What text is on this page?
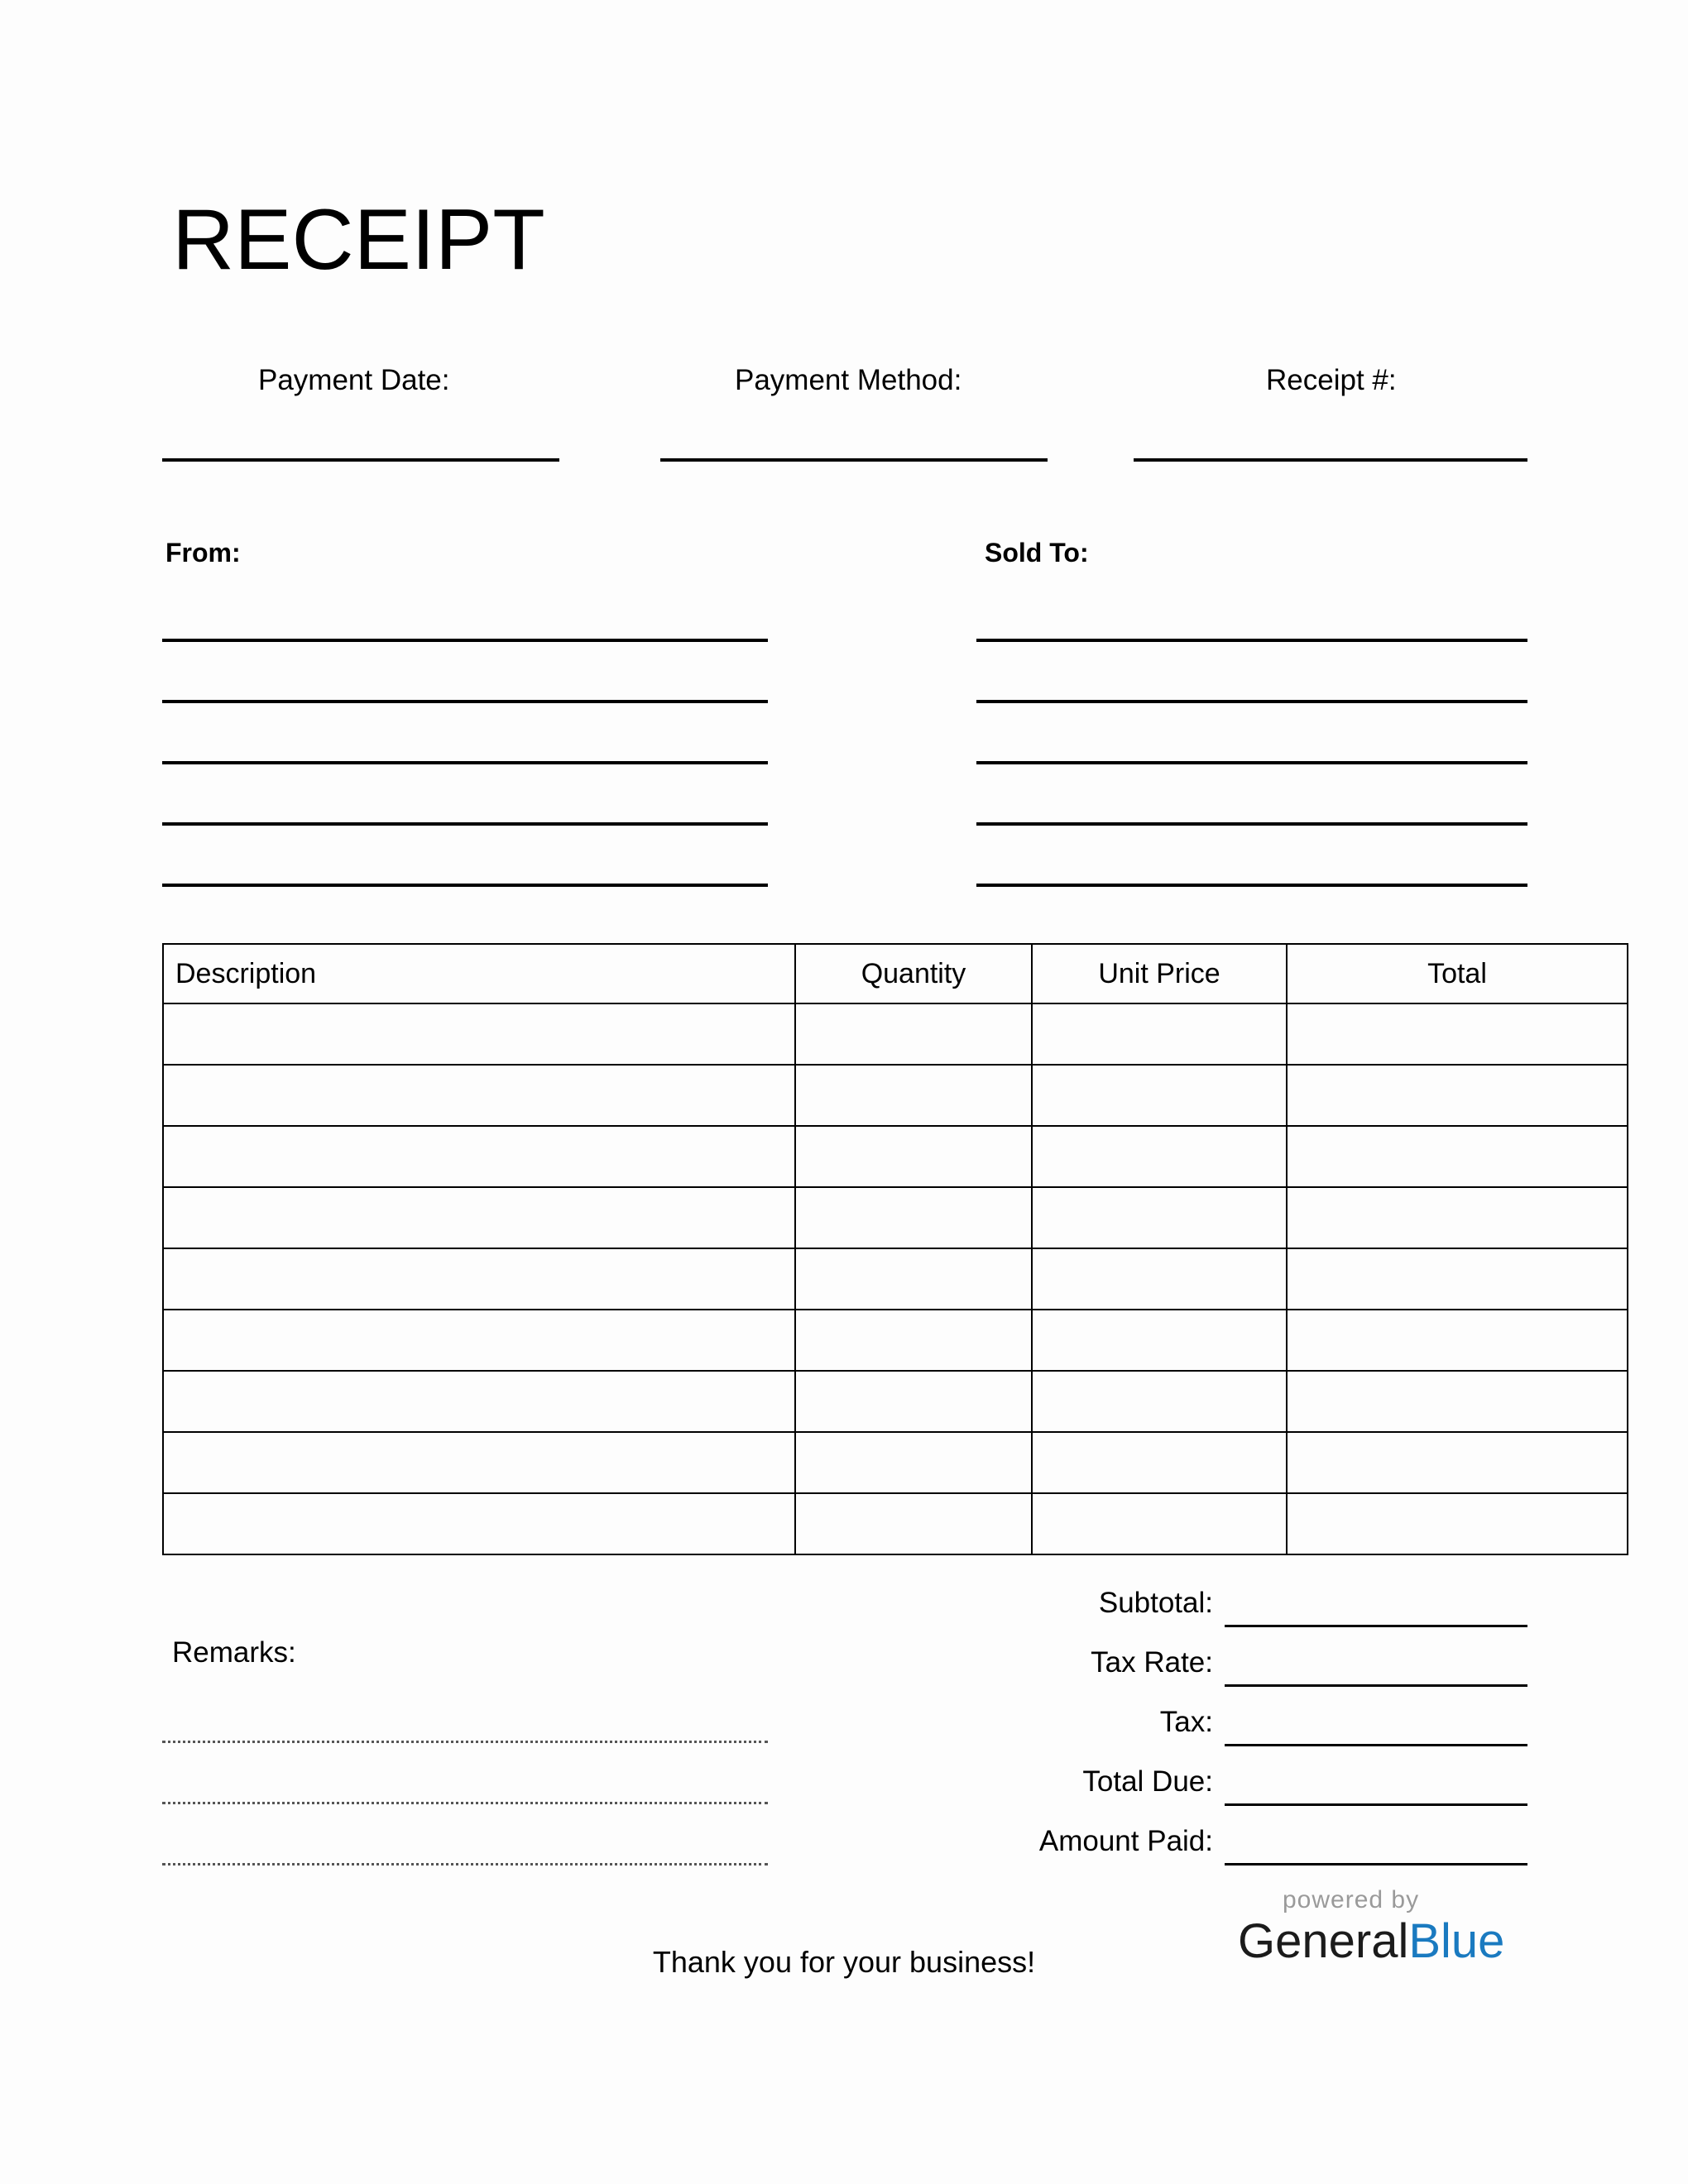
RECEIPT
Payment Date:	Payment Method:	Receipt #:
From:	Sold To:
Description	Quantity	Unit Price	Total

Subtotal:
Tax Rate:
Tax:
Total Due:
Amount Paid:
Remarks:
Thank you for your business!
powered by
GeneralBlue
